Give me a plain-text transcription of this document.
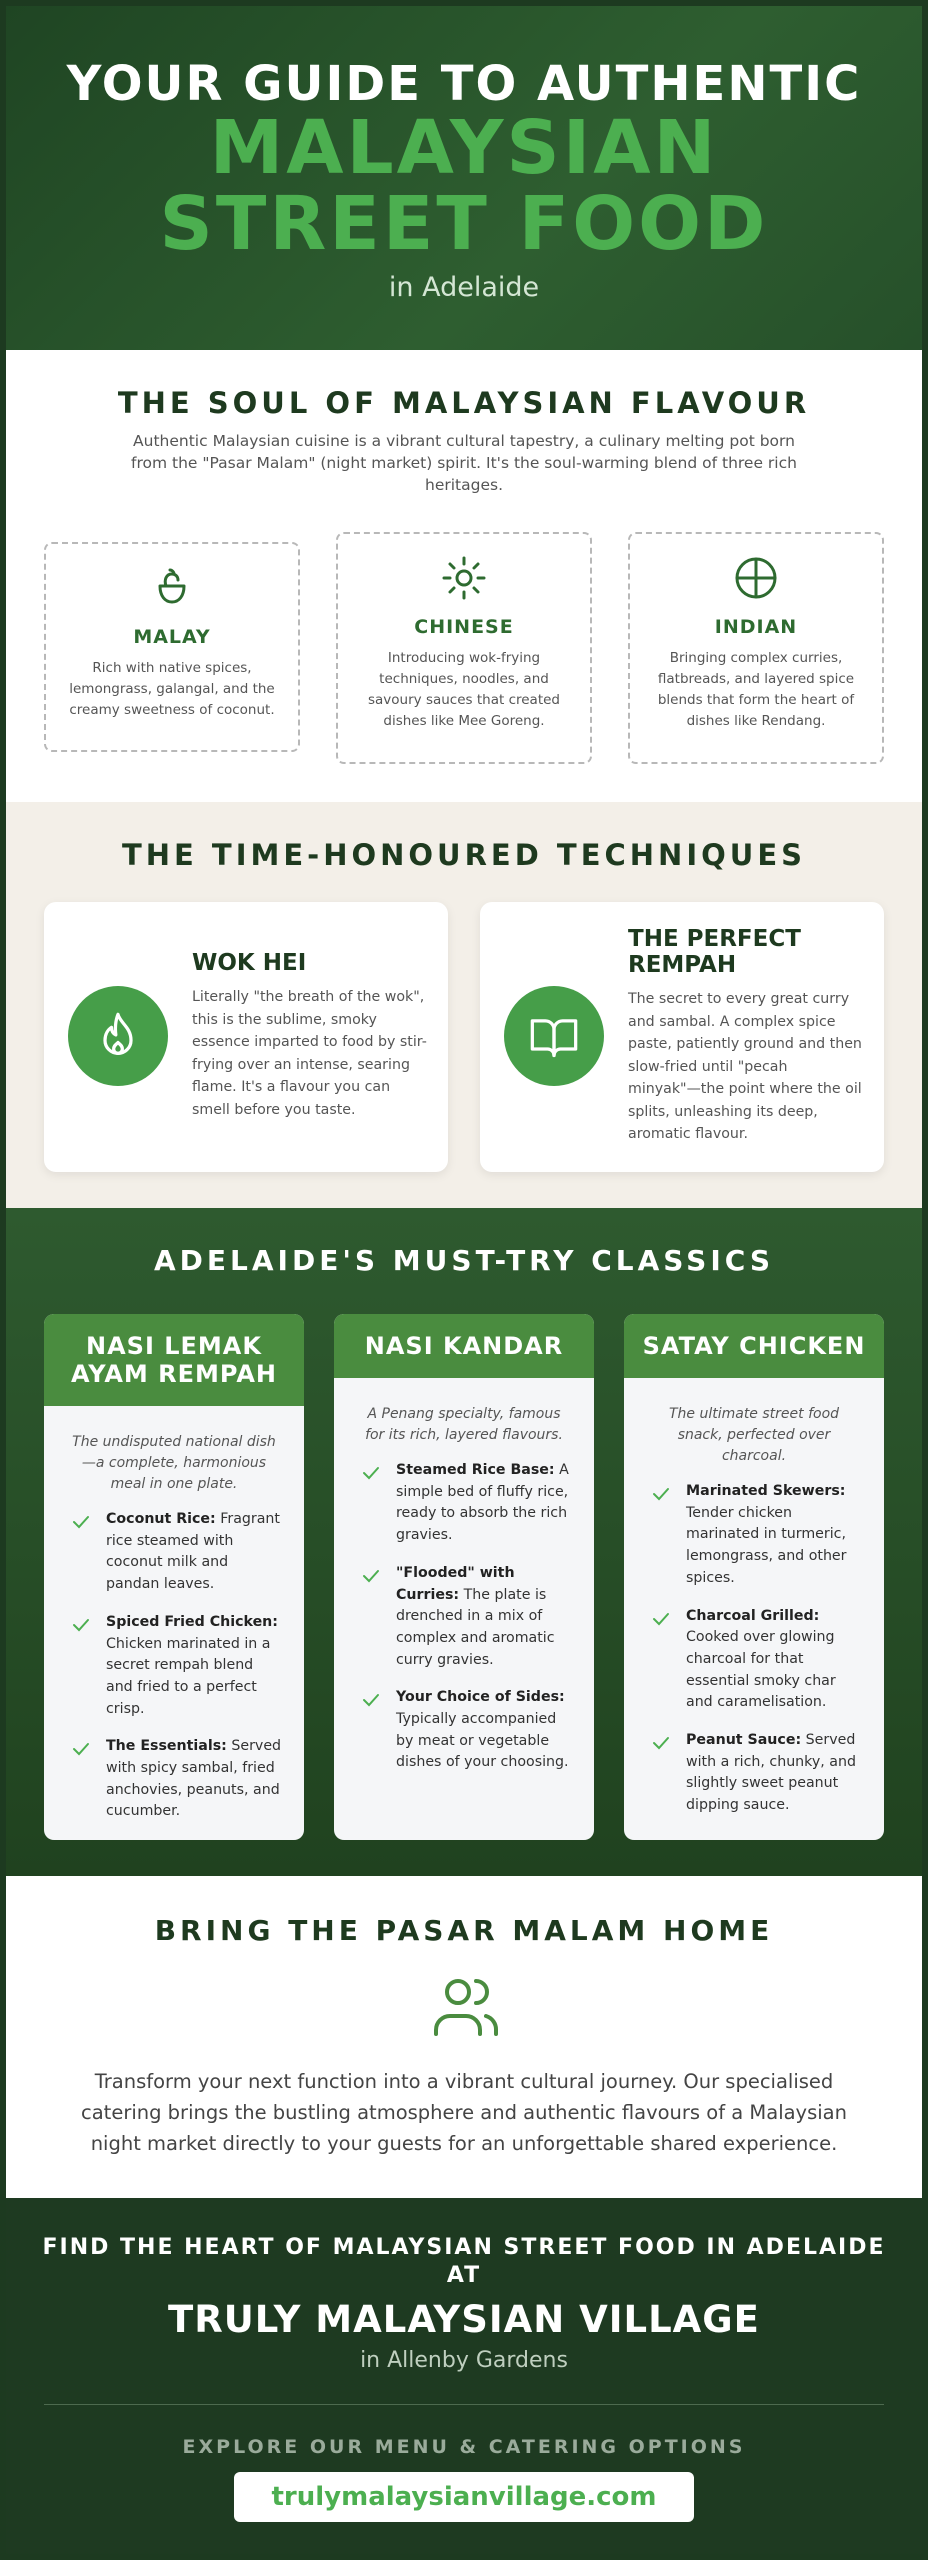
YOUR GUIDE TO AUTHENTIC
MALAYSIAN
STREET FOOD
in Adelaide
THE SOUL OF MALAYSIAN FLAVOUR

Authentic Malaysian cuisine is a vibrant cultural tapestry, a culinary melting pot born from the "Pasar Malam" (night market) spirit. It's the soul-warming blend of three rich heritages.

MALAY
Rich with native spices, lemongrass, galangal, and the creamy sweetness of coconut.
CHINESE
Introducing wok-frying techniques, noodles, and savoury sauces that created dishes like Mee Goreng.
INDIAN
Bringing complex curries, flatbreads, and layered spice blends that form the heart of dishes like Rendang.
THE TIME-HONOURED TECHNIQUES
WOK HEI
Literally "the breath of the wok", this is the sublime, smoky essence imparted to food by stir-frying over an intense, searing flame. It's a flavour you can smell before you taste.
THE PERFECT REMPAH
The secret to every great curry and sambal. A complex spice paste, patiently ground and then slow-fried until "pecah minyak"—the point where the oil splits, unleashing its deep, aromatic flavour.
ADELAIDE'S MUST-TRY CLASSICS
NASI LEMAK AYAM REMPAH
The undisputed national dish—a complete, harmonious meal in one plate.
Coconut Rice: Fragrant rice steamed with coconut milk and pandan leaves.
Spiced Fried Chicken: Chicken marinated in a secret rempah blend and fried to a perfect crisp.
The Essentials: Served with spicy sambal, fried anchovies, peanuts, and cucumber.
NASI KANDAR
A Penang specialty, famous for its rich, layered flavours.
Steamed Rice Base: A simple bed of fluffy rice, ready to absorb the rich gravies.
"Flooded" with Curries: The plate is drenched in a mix of complex and aromatic curry gravies.
Your Choice of Sides: Typically accompanied by meat or vegetable dishes of your choosing.
SATAY CHICKEN
The ultimate street food snack, perfected over charcoal.
Marinated Skewers: Tender chicken marinated in turmeric, lemongrass, and other spices.
Charcoal Grilled: Cooked over glowing charcoal for that essential smoky char and caramelisation.
Peanut Sauce: Served with a rich, chunky, and slightly sweet peanut dipping sauce.
BRING THE PASAR MALAM HOME

Transform your next function into a vibrant cultural journey. Our specialised catering brings the bustling atmosphere and authentic flavours of a Malaysian night market directly to your guests for an unforgettable shared experience.

FIND THE HEART OF MALAYSIAN STREET FOOD IN ADELAIDE AT
TRULY MALAYSIAN VILLAGE
in Allenby Gardens
EXPLORE OUR MENU & CATERING OPTIONS
trulymalaysianvillage.com
